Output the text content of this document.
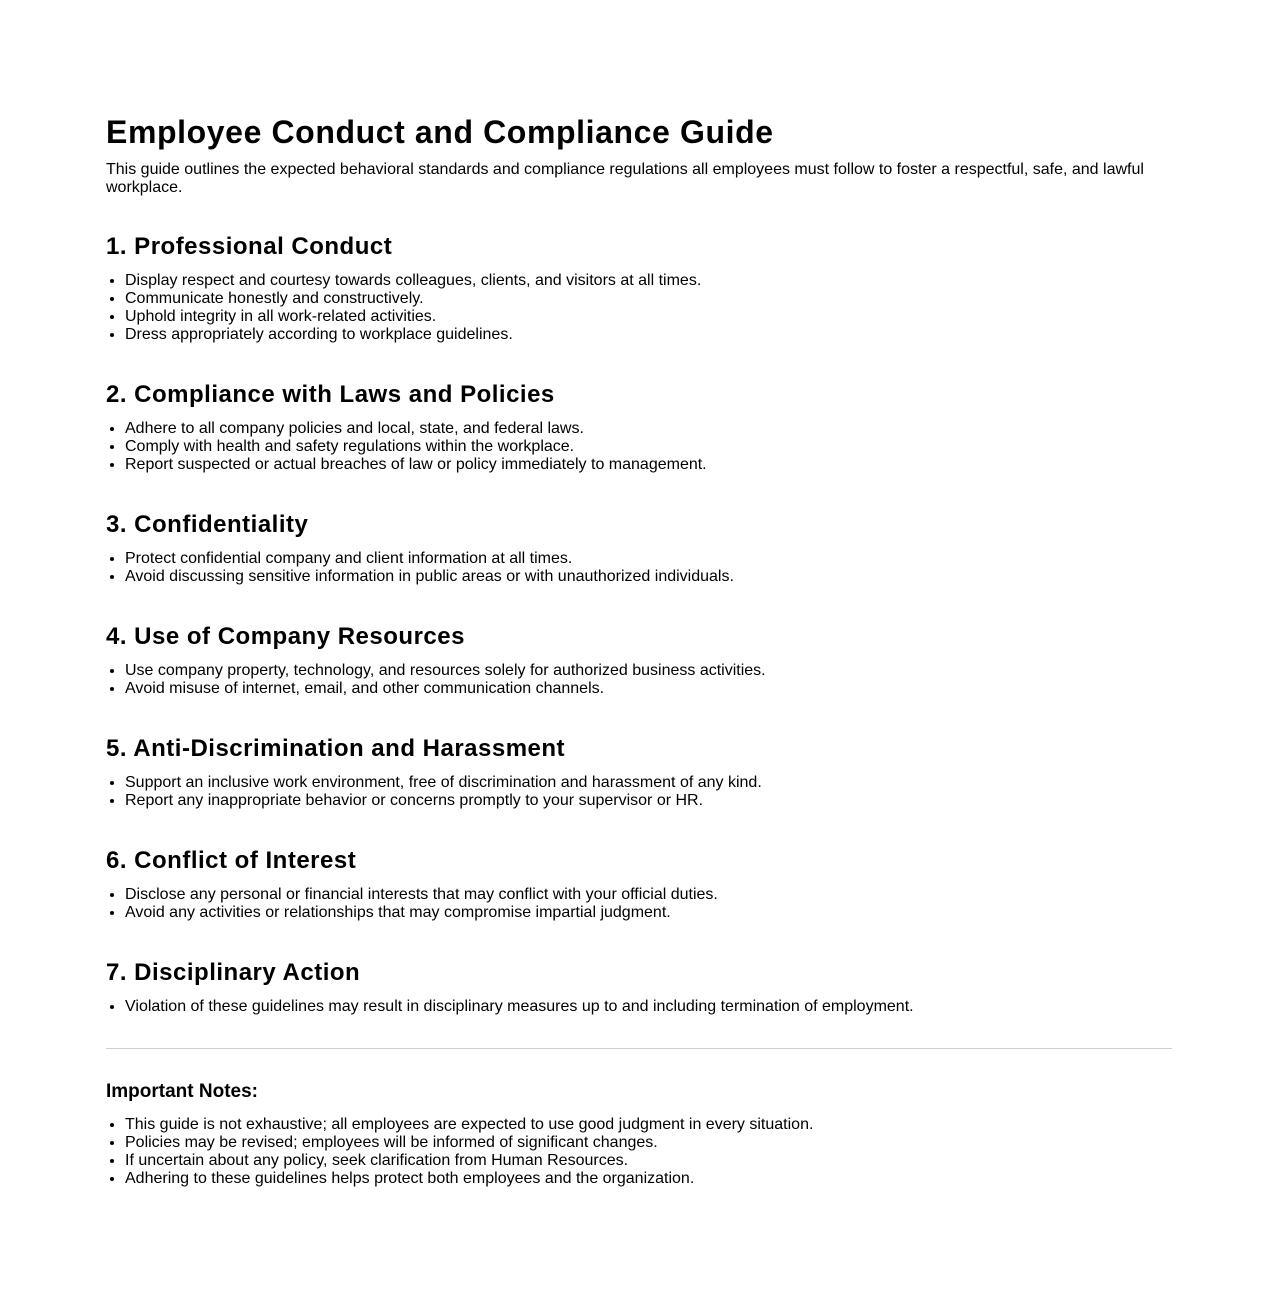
Employee Conduct and Compliance Guide

This guide outlines the expected behavioral standards and compliance regulations all employees must follow to foster a respectful, safe, and lawful workplace.

1. Professional Conduct
• Display respect and courtesy towards colleagues, clients, and visitors at all times.
• Communicate honestly and constructively.
• Uphold integrity in all work-related activities.
• Dress appropriately according to workplace guidelines.
2. Compliance with Laws and Policies
• Adhere to all company policies and local, state, and federal laws.
• Comply with health and safety regulations within the workplace.
• Report suspected or actual breaches of law or policy immediately to management.
3. Confidentiality
• Protect confidential company and client information at all times.
• Avoid discussing sensitive information in public areas or with unauthorized individuals.
4. Use of Company Resources
• Use company property, technology, and resources solely for authorized business activities.
• Avoid misuse of internet, email, and other communication channels.
5. Anti-Discrimination and Harassment
• Support an inclusive work environment, free of discrimination and harassment of any kind.
• Report any inappropriate behavior or concerns promptly to your supervisor or HR.
6. Conflict of Interest
• Disclose any personal or financial interests that may conflict with your official duties.
• Avoid any activities or relationships that may compromise impartial judgment.
7. Disciplinary Action
• Violation of these guidelines may result in disciplinary measures up to and including termination of employment.
Important Notes:
• This guide is not exhaustive; all employees are expected to use good judgment in every situation.
• Policies may be revised; employees will be informed of significant changes.
• If uncertain about any policy, seek clarification from Human Resources.
• Adhering to these guidelines helps protect both employees and the organization.
